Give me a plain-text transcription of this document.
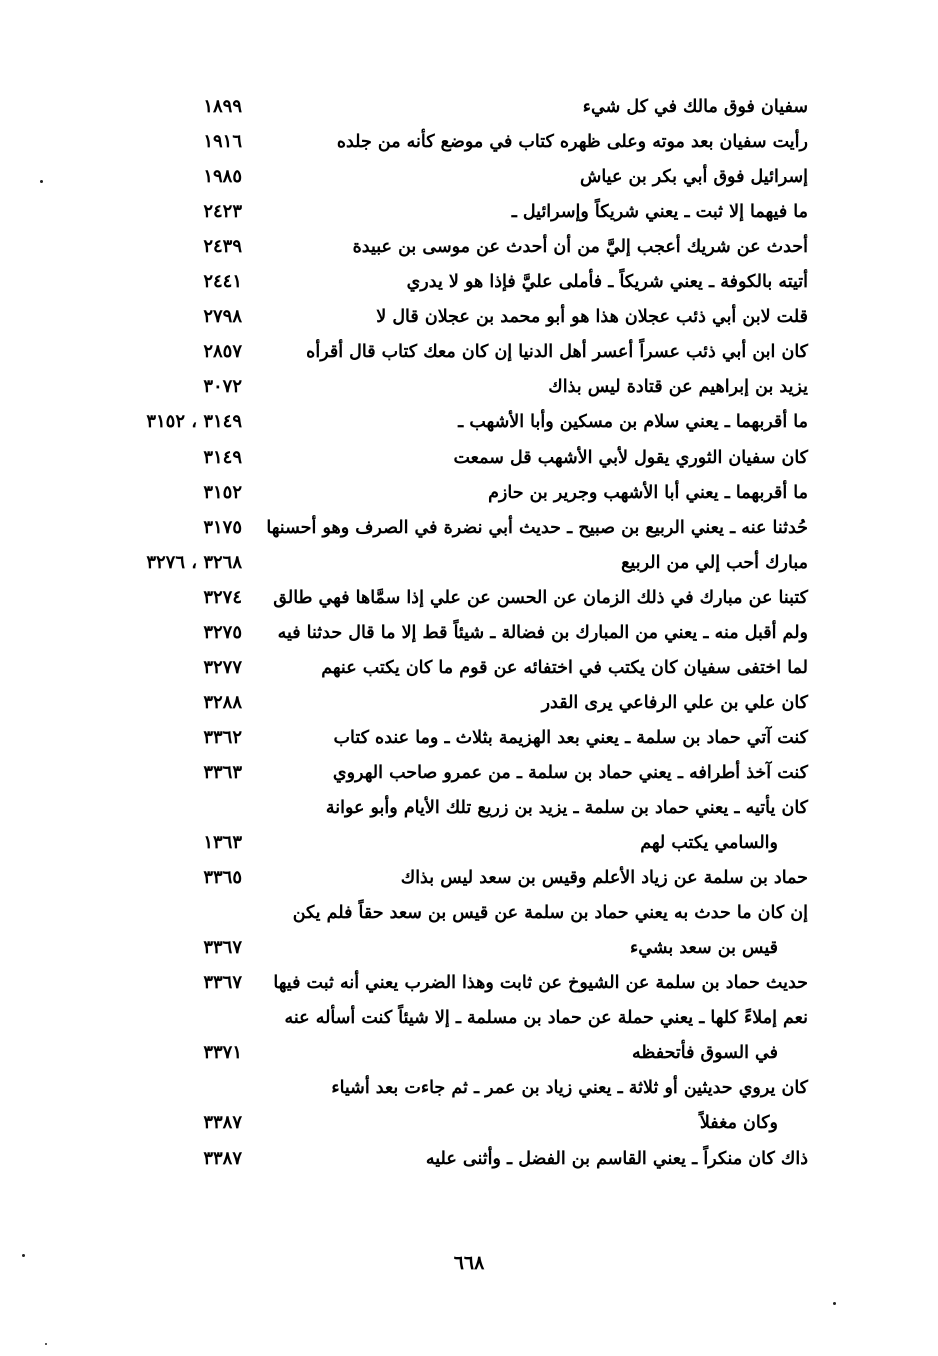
سفيان فوق مالك في كل شيء
١٨٩٩
رأيت سفيان بعد موته وعلى ظهره كتاب في موضع كأنه من جلده
١٩١٦
إسرائيل فوق أبي بكر بن عياش
١٩٨٥
ما فيهما إلا ثبت ـ يعني شريكاً وإسرائيل ـ
٢٤٢٣
أحدث عن شريك أعجب إليَّ من أن أحدث عن موسى بن عبيدة
٢٤٣٩
أتيته بالكوفة ـ يعني شريكاً ـ فأملى عليَّ فإذا هو لا يدري
٢٤٤١
قلت لابن أبي ذئب عجلان هذا هو أبو محمد بن عجلان قال لا
٢٧٩٨
كان ابن أبي ذئب عسراً أعسر أهل الدنيا إن كان معك كتاب قال أقرأه
٢٨٥٧
يزيد بن إبراهيم عن قتادة ليس بذاك
٣٠٧٢
ما أقربهما ـ يعني سلام بن مسكين وأبا الأشهب ـ
٣١٤٩ ، ٣١٥٢
كان سفيان الثوري يقول لأبي الأشهب قل سمعت
٣١٤٩
ما أقربهما ـ يعني أبا الأشهب وجرير بن حازم
٣١٥٢
حُدثنا عنه ـ يعني الربيع بن صبيح ـ حديث أبي نضرة في الصرف وهو أحسنها
٣١٧٥
مبارك أحب إلي من الربيع
٣٢٦٨ ، ٣٢٧٦
كتبنا عن مبارك في ذلك الزمان عن الحسن عن علي إذا سمَّاها فهي طالق
٣٢٧٤
ولم أقبل منه ـ يعني من المبارك بن فضالة ـ شيئاً قط إلا ما قال حدثنا فيه
٣٢٧٥
لما اختفى سفيان كان يكتب في اختفائه عن قوم ما كان يكتب عنهم
٣٢٧٧
كان علي بن علي الرفاعي يرى القدر
٣٢٨٨
كنت آتي حماد بن سلمة ـ يعني بعد الهزيمة بثلاث ـ وما عنده كتاب
٣٣٦٢
كنت آخذ أطرافه ـ يعني حماد بن سلمة ـ من عمرو صاحب الهروي
٣٣٦٣
كان يأتيه ـ يعني حماد بن سلمة ـ يزيد بن زريع تلك الأيام وأبو عوانة
والسامي يكتب لهم
١٣٦٣
حماد بن سلمة عن زياد الأعلم وقيس بن سعد ليس بذاك
٣٣٦٥
إن كان ما حدث به يعني حماد بن سلمة عن قيس بن سعد حقاً فلم يكن
قيس بن سعد بشيء
٣٣٦٧
حديث حماد بن سلمة عن الشيوخ عن ثابت وهذا الضرب يعني أنه ثبت فيها
٣٣٦٧
نعم إملاءً كلها ـ يعني حملة عن حماد بن مسلمة ـ إلا شيئاً كنت أسأله عنه
في السوق فأتحفظه
٣٣٧١
كان يروي حديثين أو ثلاثة ـ يعني زياد بن عمر ـ ثم جاءت بعد أشياء
وكان مغفلاً
٣٣٨٧
ذاك كان منكراً ـ يعني القاسم بن الفضل ـ وأثنى عليه
٣٣٨٧
٦٦٨
